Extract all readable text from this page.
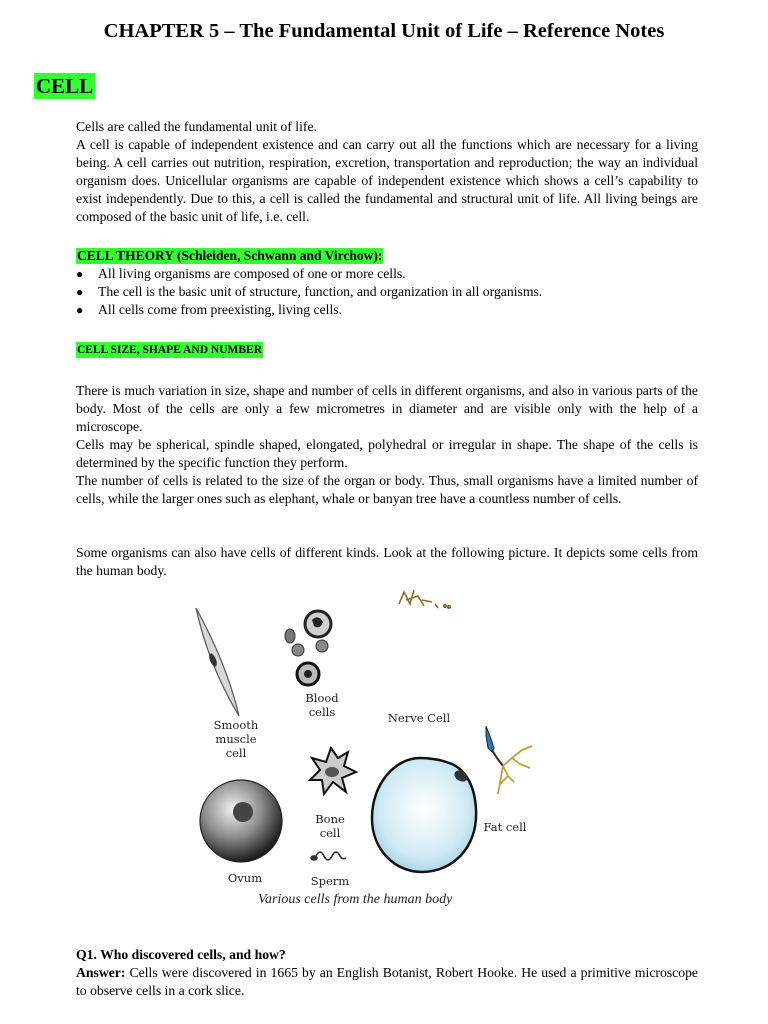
CHAPTER 5 – The Fundamental Unit of Life – Reference Notes
CELL

Cells are called the fundamental unit of life.

A cell is capable of independent existence and can carry out all the functions which are necessary for a living being. A cell carries out nutrition, respiration, excretion, transportation and reproduction; the way an individual organism does. Unicellular organisms are capable of independent existence which shows a cell’s capability to exist independently. Due to this, a cell is called the fundamental and structural unit of life. All living beings are composed of the basic unit of life, i.e. cell.

CELL THEORY (Schleiden, Schwann and Virchow):
● All living organisms are composed of one or more cells.
● The cell is the basic unit of structure, function, and organization in all organisms.
● All cells come from preexisting, living cells.
CELL SIZE, SHAPE AND NUMBER

There is much variation in size, shape and number of cells in different organisms, and also in various parts of the body. Most of the cells are only a few micrometres in diameter and are visible only with the help of a microscope.

Cells may be spherical, spindle shaped, elongated, polyhedral or irregular in shape. The shape of the cells is determined by the specific function they perform.

The number of cells is related to the size of the organ or body. Thus, small organisms have a limited number of cells, while the larger ones such as elephant, whale or banyan tree have a countless number of cells.

Some organisms can also have cells of different kinds. Look at the following picture. It depicts some cells from the human body.

Smooth
muscle
cell
Blood
cells	Nerve Cell
Bone
cell	Fat cell
Ovum	Sperm
Various cells from the human body

Q1. Who discovered cells, and how?

Answer: Cells were discovered in 1665 by an English Botanist, Robert Hooke. He used a primitive microscope to observe cells in a cork slice.
